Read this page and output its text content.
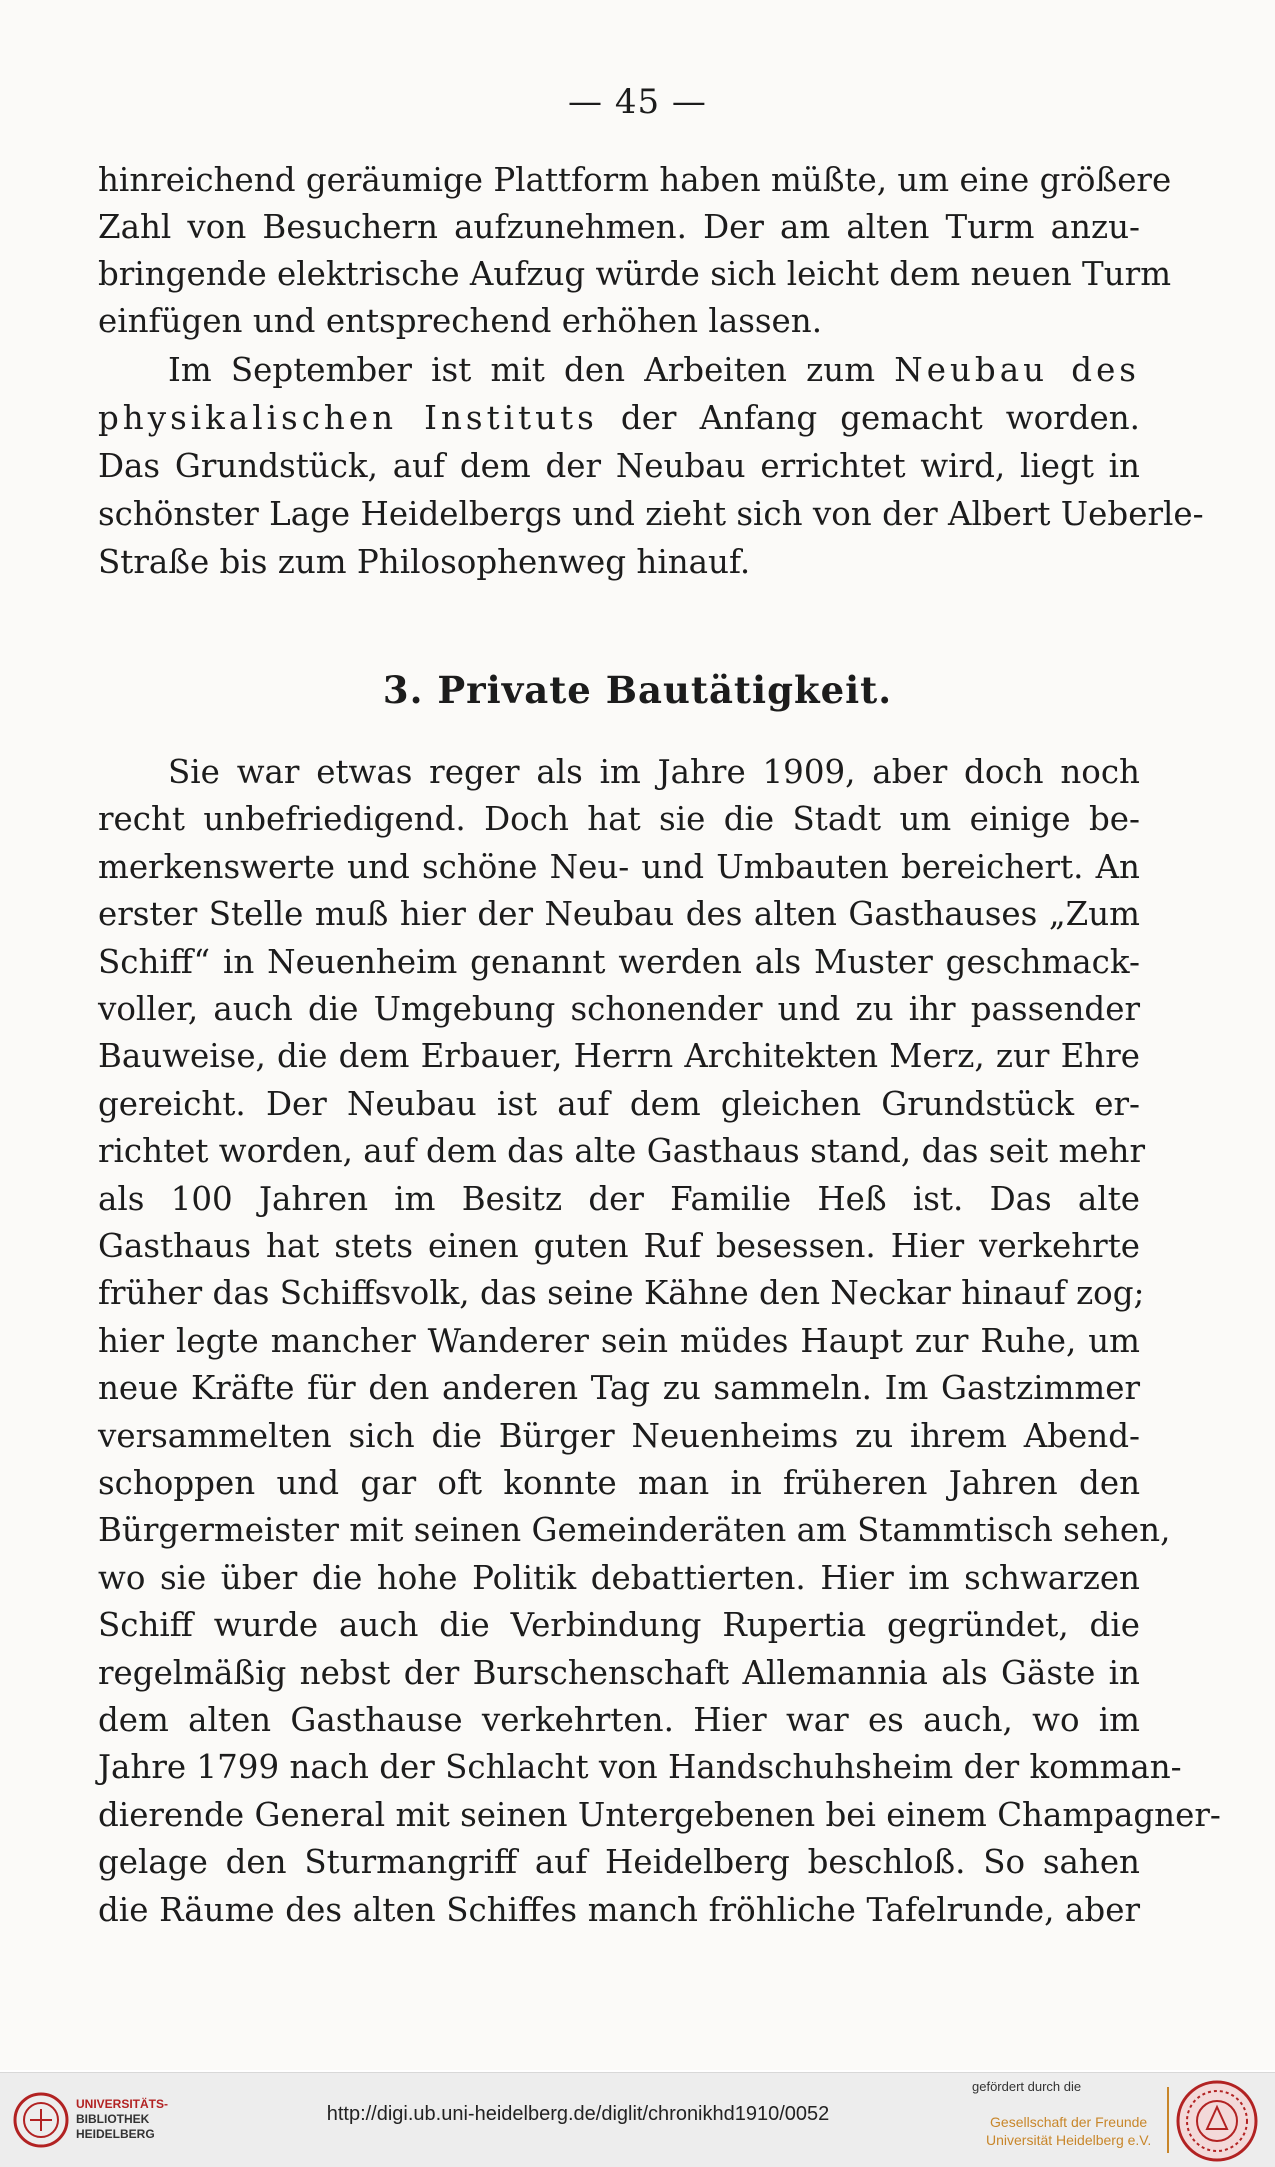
— 45 —
hinreichend geräumige Plattform haben müßte, um eine größere
Zahl von Besuchern aufzunehmen. Der am alten Turm anzu-
bringende elektrische Aufzug würde sich leicht dem neuen Turm
einfügen und entsprechend erhöhen lassen.
Im September ist mit den Arbeiten zum Neubau des
physikalischen Instituts der Anfang gemacht worden.
Das Grundstück, auf dem der Neubau errichtet wird, liegt in
schönster Lage Heidelbergs und zieht sich von der Albert Ueberle-
Straße bis zum Philosophenweg hinauf.
3. Private Bautätigkeit.
Sie war etwas reger als im Jahre 1909, aber doch noch
recht unbefriedigend. Doch hat sie die Stadt um einige be-
merkenswerte und schöne Neu- und Umbauten bereichert. An
erster Stelle muß hier der Neubau des alten Gasthauses „Zum
Schiff“ in Neuenheim genannt werden als Muster geschmack-
voller, auch die Umgebung schonender und zu ihr passender
Bauweise, die dem Erbauer, Herrn Architekten Merz, zur Ehre
gereicht. Der Neubau ist auf dem gleichen Grundstück er-
richtet worden, auf dem das alte Gasthaus stand, das seit mehr
als 100 Jahren im Besitz der Familie Heß ist. Das alte
Gasthaus hat stets einen guten Ruf besessen. Hier verkehrte
früher das Schiffsvolk, das seine Kähne den Neckar hinauf zog;
hier legte mancher Wanderer sein müdes Haupt zur Ruhe, um
neue Kräfte für den anderen Tag zu sammeln. Im Gastzimmer
versammelten sich die Bürger Neuenheims zu ihrem Abend-
schoppen und gar oft konnte man in früheren Jahren den
Bürgermeister mit seinen Gemeinderäten am Stammtisch sehen,
wo sie über die hohe Politik debattierten. Hier im schwarzen
Schiff wurde auch die Verbindung Rupertia gegründet, die
regelmäßig nebst der Burschenschaft Allemannia als Gäste in
dem alten Gasthause verkehrten. Hier war es auch, wo im
Jahre 1799 nach der Schlacht von Handschuhsheim der komman-
dierende General mit seinen Untergebenen bei einem Champagner-
gelage den Sturmangriff auf Heidelberg beschloß. So sahen
die Räume des alten Schiffes manch fröhliche Tafelrunde, aber
UNIVERSITÄTS-
BIBLIOTHEK
HEIDELBERG
http://digi.ub.uni-heidelberg.de/diglit/chronikhd1910/0052
gefördert durch die
Gesellschaft der Freunde
Universität Heidelberg e.V.
